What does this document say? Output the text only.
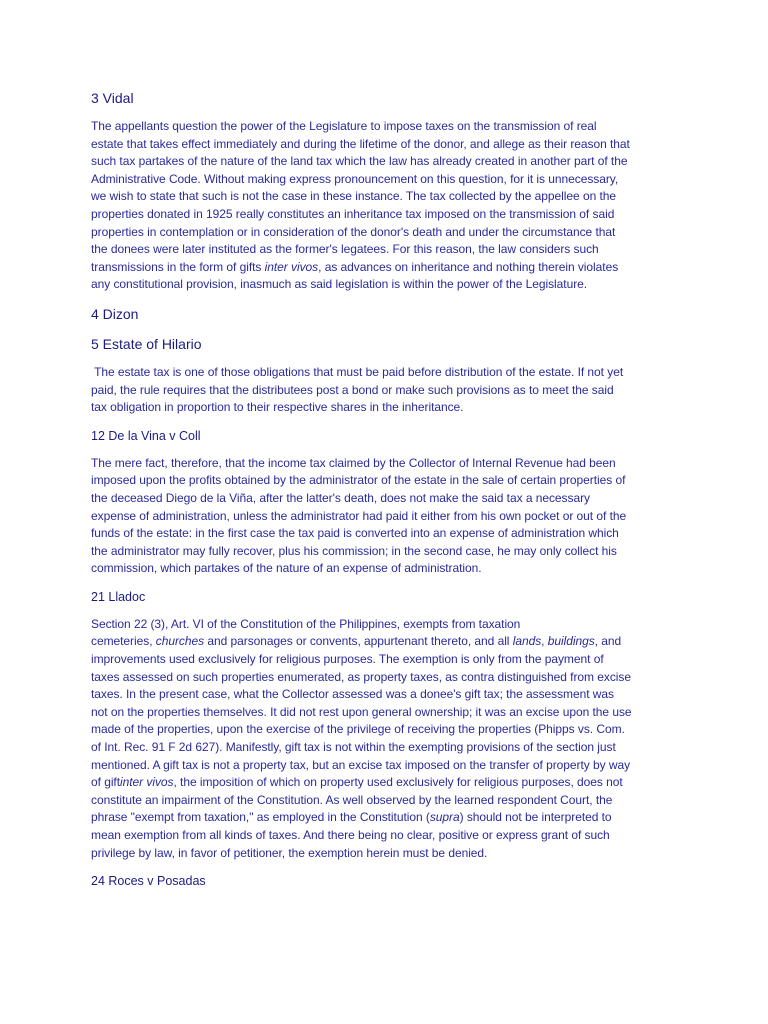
3 Vidal
The appellants question the power of the Legislature to impose taxes on the transmission of real
estate that takes effect immediately and during the lifetime of the donor, and allege as their reason that
such tax partakes of the nature of the land tax which the law has already created in another part of the
Administrative Code. Without making express pronouncement on this question, for it is unnecessary,
we wish to state that such is not the case in these instance. The tax collected by the appellee on the
properties donated in 1925 really constitutes an inheritance tax imposed on the transmission of said
properties in contemplation or in consideration of the donor's death and under the circumstance that
the donees were later instituted as the former's legatees. For this reason, the law considers such
transmissions in the form of gifts inter vivos, as advances on inheritance and nothing therein violates
any constitutional provision, inasmuch as said legislation is within the power of the Legislature.
4 Dizon
5 Estate of Hilario
The estate tax is one of those obligations that must be paid before distribution of the estate. If not yet
paid, the rule requires that the distributees post a bond or make such provisions as to meet the said
tax obligation in proportion to their respective shares in the inheritance.
12 De la Vina v Coll
The mere fact, therefore, that the income tax claimed by the Collector of Internal Revenue had been
imposed upon the profits obtained by the administrator of the estate in the sale of certain properties of
the deceased Diego de la Viña, after the latter's death, does not make the said tax a necessary
expense of administration, unless the administrator had paid it either from his own pocket or out of the
funds of the estate: in the first case the tax paid is converted into an expense of administration which
the administrator may fully recover, plus his commission; in the second case, he may only collect his
commission, which partakes of the nature of an expense of administration.
21 Lladoc
Section 22 (3), Art. VI of the Constitution of the Philippines, exempts from taxation
cemeteries, churches and parsonages or convents, appurtenant thereto, and all lands, buildings, and
improvements used exclusively for religious purposes. The exemption is only from the payment of
taxes assessed on such properties enumerated, as property taxes, as contra distinguished from excise
taxes. In the present case, what the Collector assessed was a donee's gift tax; the assessment was
not on the properties themselves. It did not rest upon general ownership; it was an excise upon the use
made of the properties, upon the exercise of the privilege of receiving the properties (Phipps vs. Com.
of Int. Rec. 91 F 2d 627). Manifestly, gift tax is not within the exempting provisions of the section just
mentioned. A gift tax is not a property tax, but an excise tax imposed on the transfer of property by way
of giftinter vivos, the imposition of which on property used exclusively for religious purposes, does not
constitute an impairment of the Constitution. As well observed by the learned respondent Court, the
phrase "exempt from taxation," as employed in the Constitution (supra) should not be interpreted to
mean exemption from all kinds of taxes. And there being no clear, positive or express grant of such
privilege by law, in favor of petitioner, the exemption herein must be denied.
24 Roces v Posadas
